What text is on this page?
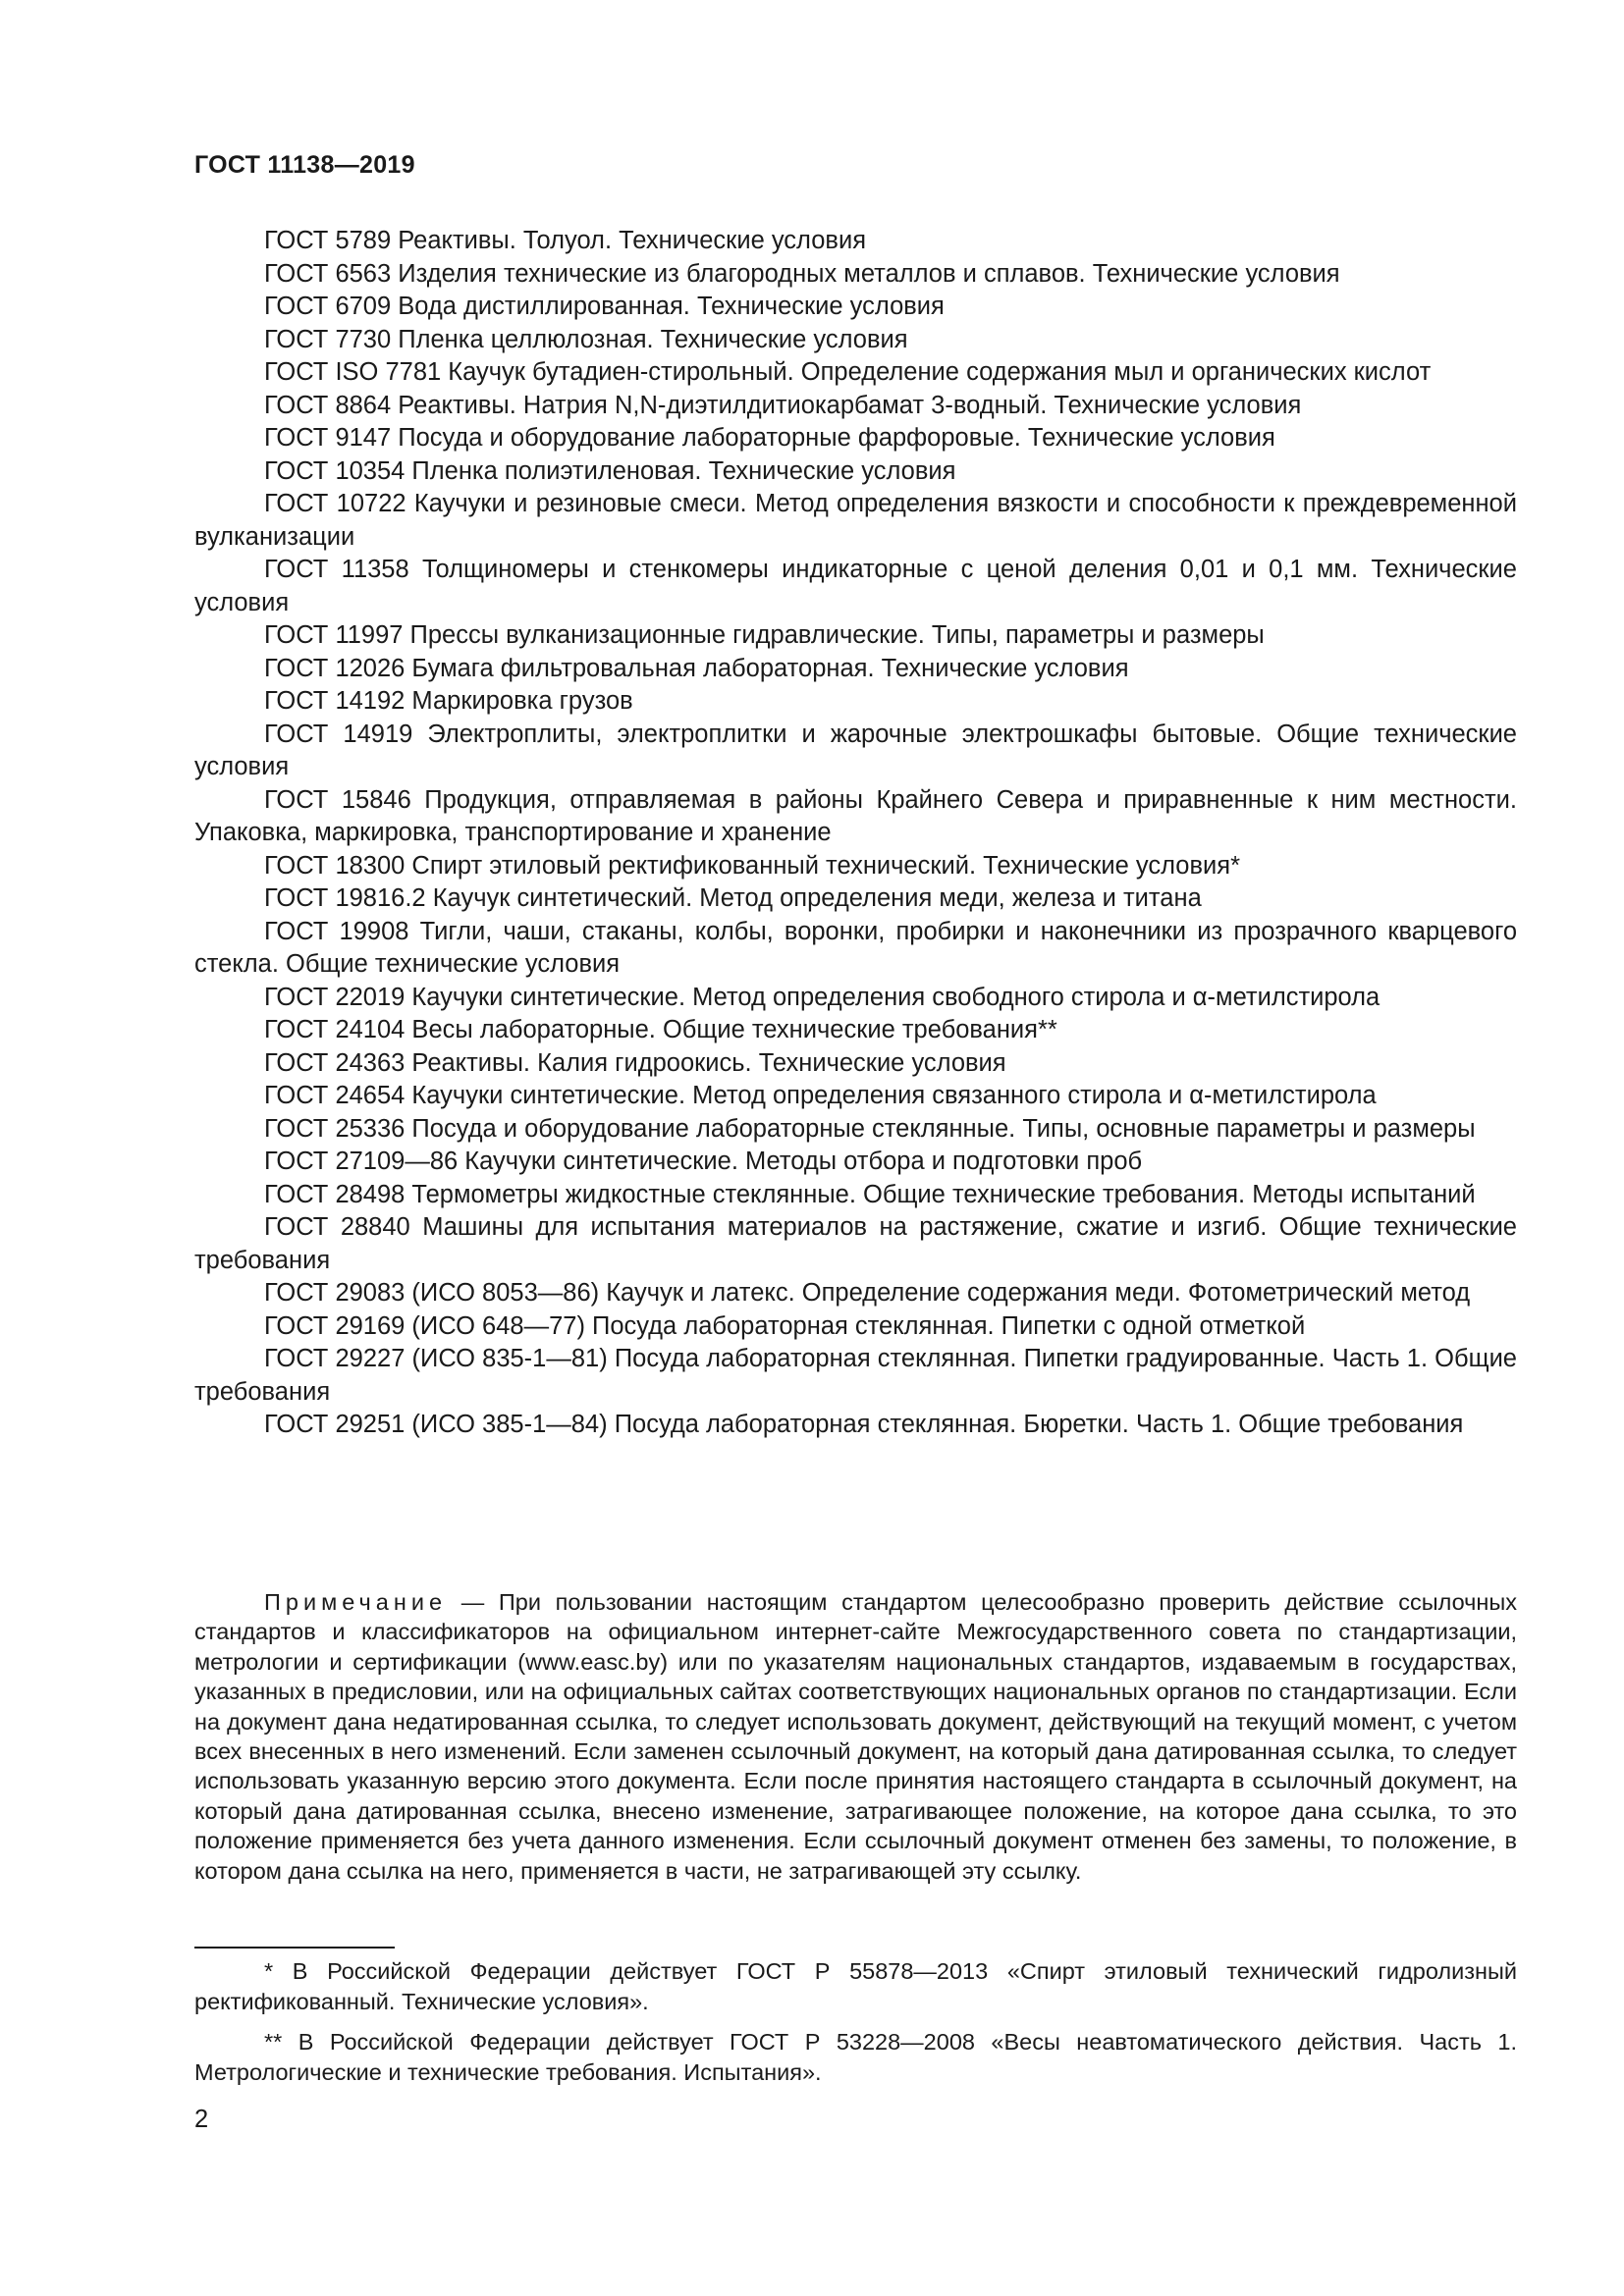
ГОСТ 11138—2019

ГОСТ 5789 Реактивы. Толуол. Технические условия

ГОСТ 6563 Изделия технические из благородных металлов и сплавов. Технические условия

ГОСТ 6709 Вода дистиллированная. Технические условия

ГОСТ 7730 Пленка целлюлозная. Технические условия

ГОСТ ISO 7781 Каучук бутадиен-стирольный. Определение содержания мыл и органических кислот

ГОСТ 8864 Реактивы. Натрия N,N-диэтилдитиокарбамат 3-водный. Технические условия

ГОСТ 9147 Посуда и оборудование лабораторные фарфоровые. Технические условия

ГОСТ 10354 Пленка полиэтиленовая. Технические условия

ГОСТ 10722 Каучуки и резиновые смеси. Метод определения вязкости и способности к преждевременной вулканизации

ГОСТ 11358 Толщиномеры и стенкомеры индикаторные с ценой деления 0,01 и 0,1 мм. Технические условия

ГОСТ 11997 Прессы вулканизационные гидравлические. Типы, параметры и размеры

ГОСТ 12026 Бумага фильтровальная лабораторная. Технические условия

ГОСТ 14192 Маркировка грузов

ГОСТ 14919 Электроплиты, электроплитки и жарочные электрошкафы бытовые. Общие технические условия

ГОСТ 15846 Продукция, отправляемая в районы Крайнего Севера и приравненные к ним местности. Упаковка, маркировка, транспортирование и хранение

ГОСТ 18300 Спирт этиловый ректификованный технический. Технические условия*

ГОСТ 19816.2 Каучук синтетический. Метод определения меди, железа и титана

ГОСТ 19908 Тигли, чаши, стаканы, колбы, воронки, пробирки и наконечники из прозрачного кварцевого стекла. Общие технические условия

ГОСТ 22019 Каучуки синтетические. Метод определения свободного стирола и α-метилстирола

ГОСТ 24104 Весы лабораторные. Общие технические требования**

ГОСТ 24363 Реактивы. Калия гидроокись. Технические условия

ГОСТ 24654 Каучуки синтетические. Метод определения связанного стирола и α-метилстирола

ГОСТ 25336 Посуда и оборудование лабораторные стеклянные. Типы, основные параметры и размеры

ГОСТ 27109—86 Каучуки синтетические. Методы отбора и подготовки проб

ГОСТ 28498 Термометры жидкостные стеклянные. Общие технические требования. Методы испытаний

ГОСТ 28840 Машины для испытания материалов на растяжение, сжатие и изгиб. Общие технические требования

ГОСТ 29083 (ИСО 8053—86) Каучук и латекс. Определение содержания меди. Фотометрический метод

ГОСТ 29169 (ИСО 648—77) Посуда лабораторная стеклянная. Пипетки с одной отметкой

ГОСТ 29227 (ИСО 835-1—81) Посуда лабораторная стеклянная. Пипетки градуированные. Часть 1. Общие требования

ГОСТ 29251 (ИСО 385-1—84) Посуда лабораторная стеклянная. Бюретки. Часть 1. Общие требования

Примечание — При пользовании настоящим стандартом целесообразно проверить действие ссылочных стандартов и классификаторов на официальном интернет-сайте Межгосударственного совета по стандартизации, метрологии и сертификации (www.easc.by) или по указателям национальных стандартов, издаваемым в государствах, указанных в предисловии, или на официальных сайтах соответствующих национальных органов по стандартизации. Если на документ дана недатированная ссылка, то следует использовать документ, действующий на текущий момент, с учетом всех внесенных в него изменений. Если заменен ссылочный документ, на который дана датированная ссылка, то следует использовать указанную версию этого документа. Если после принятия настоящего стандарта в ссылочный документ, на который дана датированная ссылка, внесено изменение, затрагивающее положение, на которое дана ссылка, то это положение применяется без учета данного изменения. Если ссылочный документ отменен без замены, то положение, в котором дана ссылка на него, применяется в части, не затрагивающей эту ссылку.

* В Российской Федерации действует ГОСТ Р 55878—2013 «Спирт этиловый технический гидролизный ректификованный. Технические условия».

** В Российской Федерации действует ГОСТ Р 53228—2008 «Весы неавтоматического действия. Часть 1. Метрологические и технические требования. Испытания».

2
